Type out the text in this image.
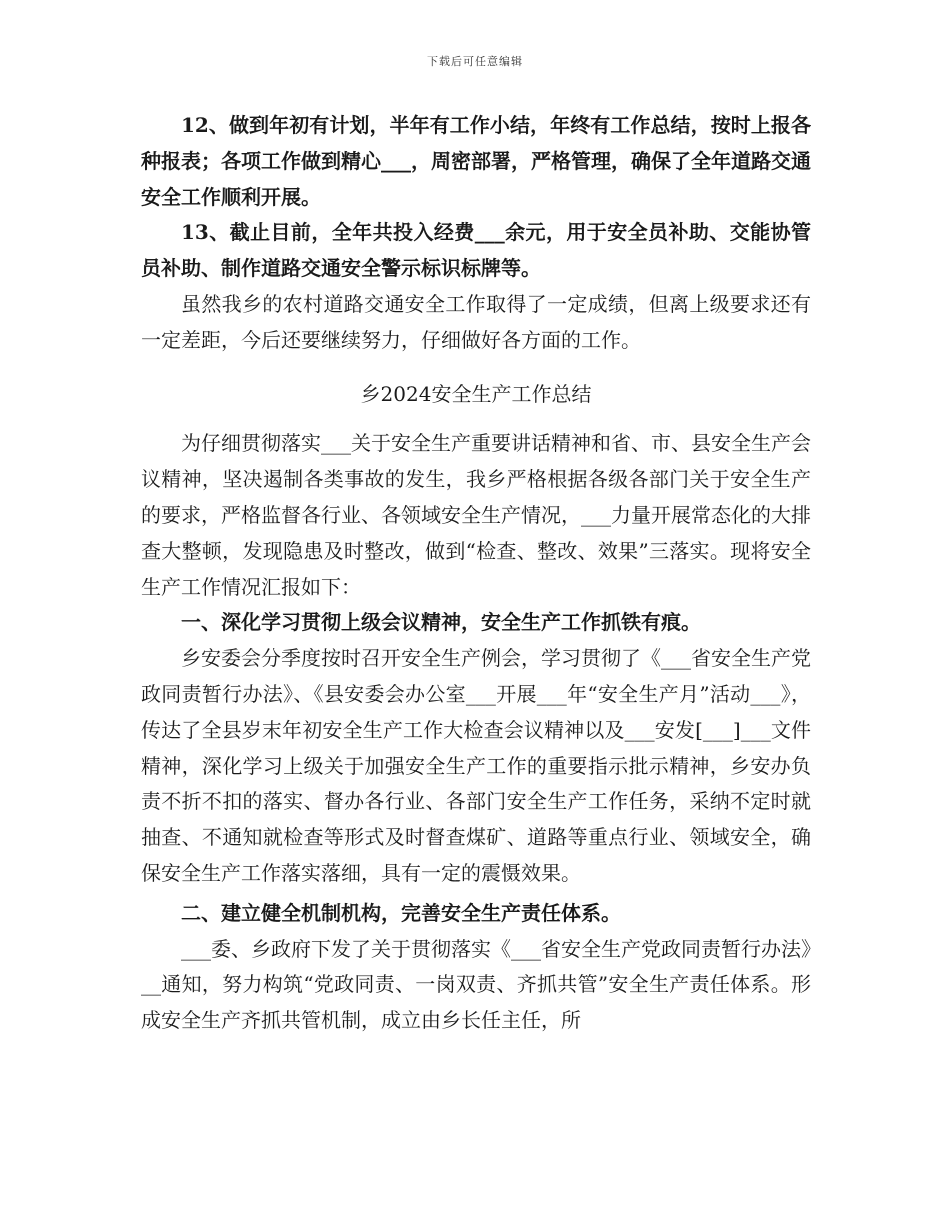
下载后可任意编辑

12、做到年初有计划，半年有工作小结，年终有工作总结，按时上报各种报表；各项工作做到精心___，周密部署，严格管理，确保了全年道路交通安全工作顺利开展。

13、截止目前，全年共投入经费___余元，用于安全员补助、交能协管员补助、制作道路交通安全警示标识标牌等。

虽然我乡的农村道路交通安全工作取得了一定成绩，但离上级要求还有一定差距，今后还要继续努力，仔细做好各方面的工作。

乡2024安全生产工作总结

为仔细贯彻落实___关于安全生产重要讲话精神和省、市、县安全生产会议精神，坚决遏制各类事故的发生，我乡严格根据各级各部门关于安全生产的要求，严格监督各行业、各领域安全生产情况，___力量开展常态化的大排查大整顿，发现隐患及时整改，做到“检查、整改、效果”三落实。现将安全生产工作情况汇报如下：

一、深化学习贯彻上级会议精神，安全生产工作抓铁有痕。

乡安委会分季度按时召开安全生产例会，学习贯彻了《___省安全生产党政同责暂行办法》、《县安委会办公室___开展___年“安全生产月”活动___》，传达了全县岁末年初安全生产工作大检查会议精神以及___安发[___]___文件精神，深化学习上级关于加强安全生产工作的重要指示批示精神，乡安办负责不折不扣的落实、督办各行业、各部门安全生产工作任务，采纳不定时就抽查、不通知就检查等形式及时督查煤矿、道路等重点行业、领域安全，确保安全生产工作落实落细，具有一定的震慑效果。

二、建立健全机制机构，完善安全生产责任体系。

___委、乡政府下发了关于贯彻落实《___省安全生产党政同责暂行办法》__通知，努力构筑“党政同责、一岗双责、齐抓共管”安全生产责任体系。形成安全生产齐抓共管机制，成立由乡长任主任，所
